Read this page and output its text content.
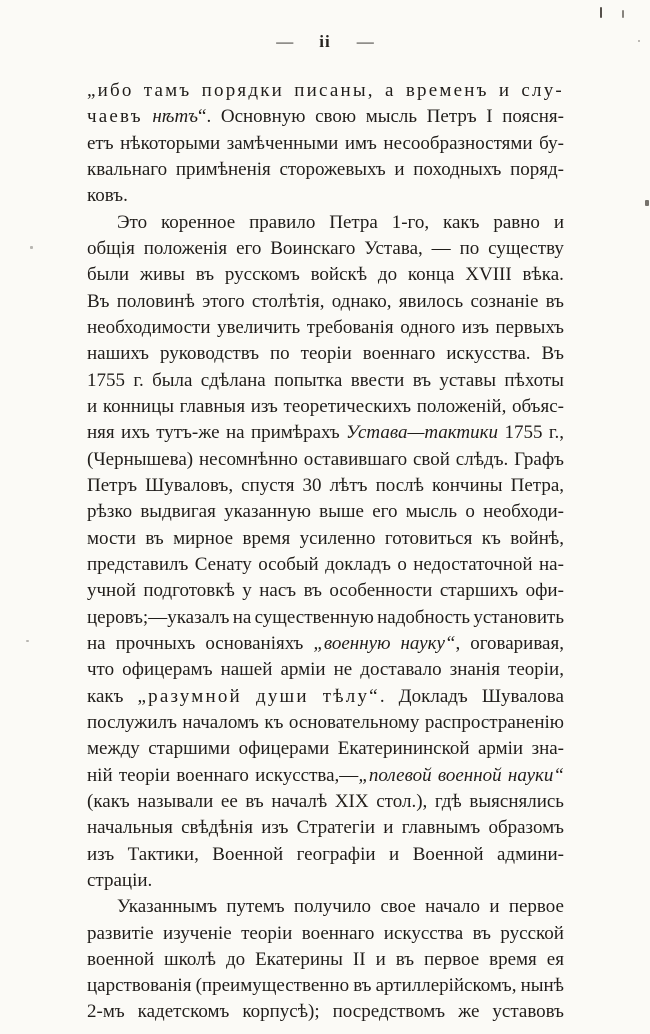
— ii —
„ибо тамъ порядки писаны, а временъ и слу-
чаевъ нѣтъ“. Основную свою мысль Петръ I поясня-
етъ нѣкоторыми замѣченными имъ несообразностями бу-
квальнаго примѣненія сторожевыхъ и походныхъ поряд-
ковъ.
Это коренное правило Петра 1-го, какъ равно и
общія положенія его Воинскаго Устава, — по существу
были живы въ русскомъ войскѣ до конца XVIII вѣка.
Въ половинѣ этого столѣтія, однако, явилось сознаніе въ
необходимости увеличить требованія одного изъ первыхъ
нашихъ руководствъ по теоріи военнаго искусства. Въ
1755 г. была сдѣлана попытка ввести въ уставы пѣхоты
и конницы главныя изъ теоретическихъ положеній, объяс-
няя ихъ тутъ-же на примѣрахъ Устава—тактики 1755 г.,
(Чернышева) несомнѣнно оставившаго свой слѣдъ. Графъ
Петръ Шуваловъ, спустя 30 лѣтъ послѣ кончины Петра,
рѣзко выдвигая указанную выше его мысль о необходи-
мости въ мирное время усиленно готовиться къ войнѣ,
представилъ Сенату особый докладъ о недостаточной на-
учной подготовкѣ у насъ въ особенности старшихъ офи-
церовъ;—указалъ на существенную надобность установить
на прочныхъ основаніяхъ „военную науку“, оговаривая,
что офицерамъ нашей арміи не доставало знанія теоріи,
какъ „разумной души тѣлу“. Докладъ Шувалова
послужилъ началомъ къ основательному распространенію
между старшими офицерами Екатерининской арміи зна-
ній теоріи военнаго искусства,—„полевой военной науки“
(какъ называли ее въ началѣ XIX стол.), гдѣ выяснялись
начальныя свѣдѣнія изъ Стратегіи и главнымъ образомъ
изъ Тактики, Военной географіи и Военной админи-
страціи.
Указаннымъ путемъ получило свое начало и первое
развитіе изученіе теоріи военнаго искусства въ русской
военной школѣ до Екатерины II и въ первое время ея
царствованія (преимущественно въ артиллерійскомъ, нынѣ
2-мъ кадетскомъ корпусѣ); посредствомъ же уставовъ
